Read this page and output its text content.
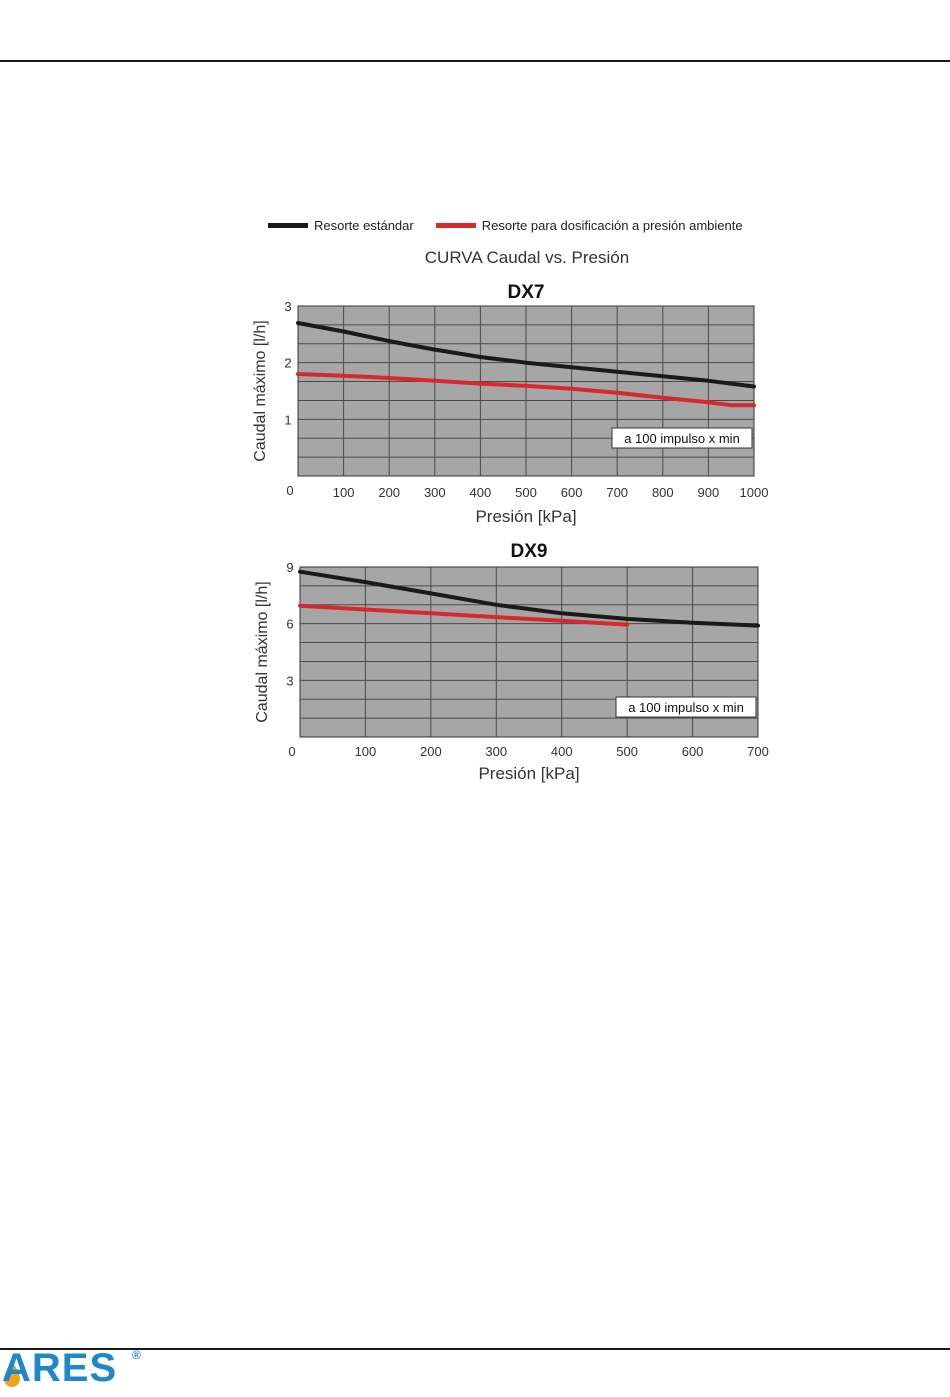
Resorte estándar	Resorte para dosificación a presión ambiente
CURVA Caudal vs. Presión
DX7
100 200 300 400 500 600 700 800 900 1000
0
1
2
3
Presión [kPa]
Caudal máximo [l/h]	a 100 impulso x min
DX9
100	200	300	400	500	600	700
0
3
6
9
Presión [kPa]
Caudal máximo [l/h]	a 100 impulso x min
ARES ®
